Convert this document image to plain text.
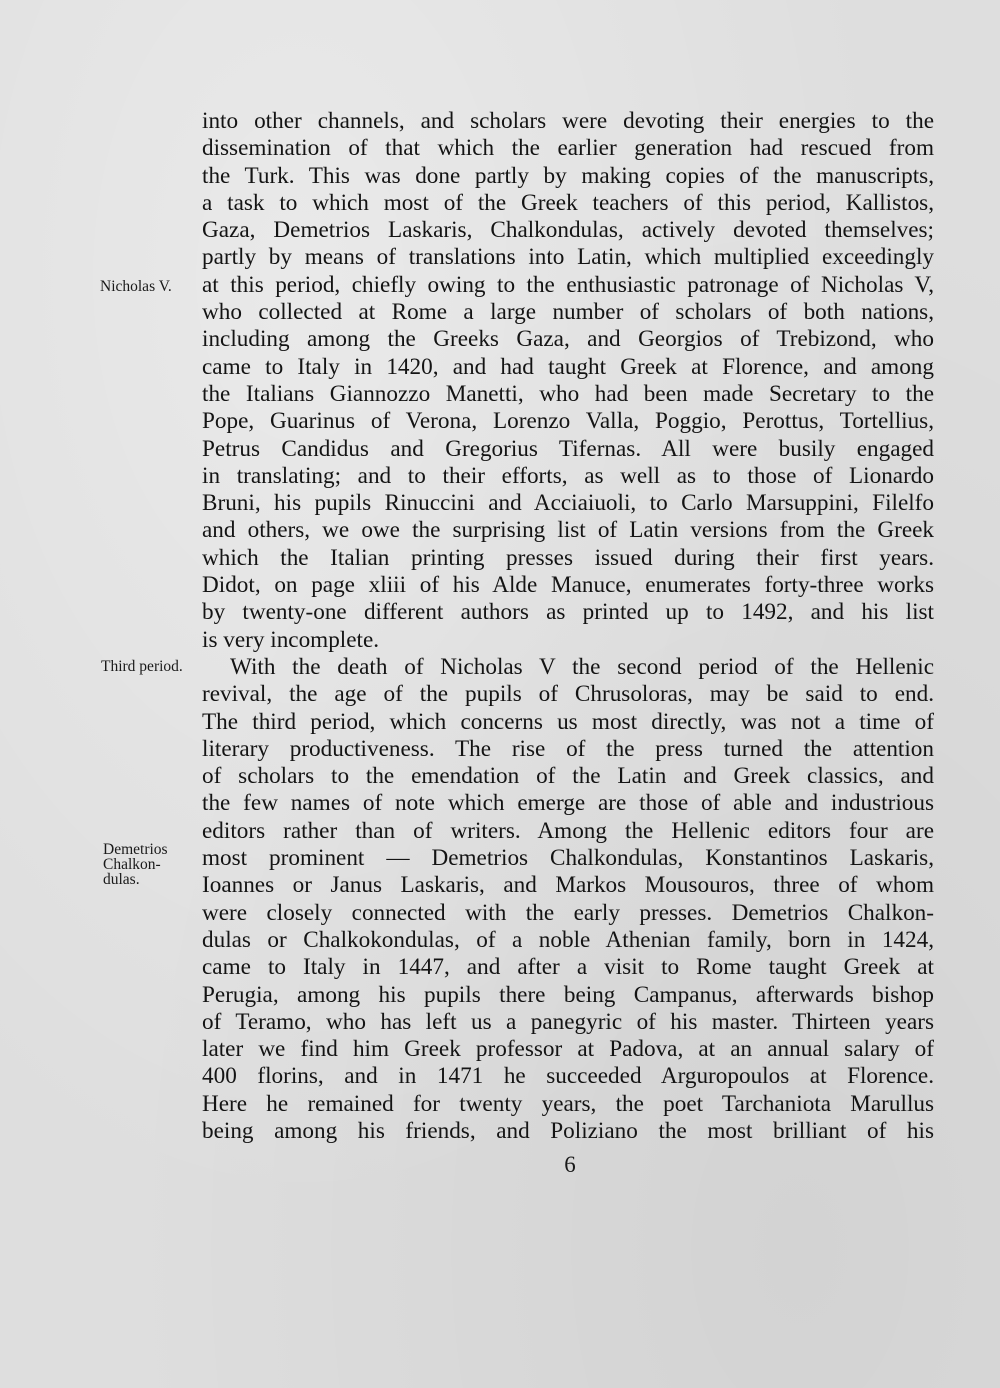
Nicholas V.

Third period.

Demetrios
Chalkon-
dulas.

into other channels, and scholars were devoting their energies to the
dissemination of that which the earlier generation had rescued from
the Turk. This was done partly by making copies of the manuscripts,
a task to which most of the Greek teachers of this period, Kallistos,
Gaza, Demetrios Laskaris, Chalkondulas, actively devoted themselves;
partly by means of translations into Latin, which multiplied exceedingly
at this period, chiefly owing to the enthusiastic patronage of Nicholas V,
who collected at Rome a large number of scholars of both nations,
including among the Greeks Gaza, and Georgios of Trebizond, who
came to Italy in 1420, and had taught Greek at Florence, and among
the Italians Giannozzo Manetti, who had been made Secretary to the
Pope, Guarinus of Verona, Lorenzo Valla, Poggio, Perottus, Tortellius,
Petrus Candidus and Gregorius Tifernas. All were busily engaged
in translating; and to their efforts, as well as to those of Lionardo
Bruni, his pupils Rinuccini and Acciaiuoli, to Carlo Marsuppini, Filelfo
and others, we owe the surprising list of Latin versions from the Greek
which the Italian printing presses issued during their first years.
Didot, on page xliii of his Alde Manuce, enumerates forty-three works
by twenty-one different authors as printed up to 1492, and his list
is very incomplete.
With the death of Nicholas V the second period of the Hellenic
revival, the age of the pupils of Chrusoloras, may be said to end.
The third period, which concerns us most directly, was not a time of
literary productiveness. The rise of the press turned the attention
of scholars to the emendation of the Latin and Greek classics, and
the few names of note which emerge are those of able and industrious
editors rather than of writers. Among the Hellenic editors four are
most prominent — Demetrios Chalkondulas, Konstantinos Laskaris,
Ioannes or Janus Laskaris, and Markos Mousouros, three of whom
were closely connected with the early presses. Demetrios Chalkon-
dulas or Chalkokondulas, of a noble Athenian family, born in 1424,
came to Italy in 1447, and after a visit to Rome taught Greek at
Perugia, among his pupils there being Campanus, afterwards bishop
of Teramo, who has left us a panegyric of his master. Thirteen years
later we find him Greek professor at Padova, at an annual salary of
400 florins, and in 1471 he succeeded Arguropoulos at Florence.
Here he remained for twenty years, the poet Tarchaniota Marullus
being among his friends, and Poliziano the most brilliant of his
6
